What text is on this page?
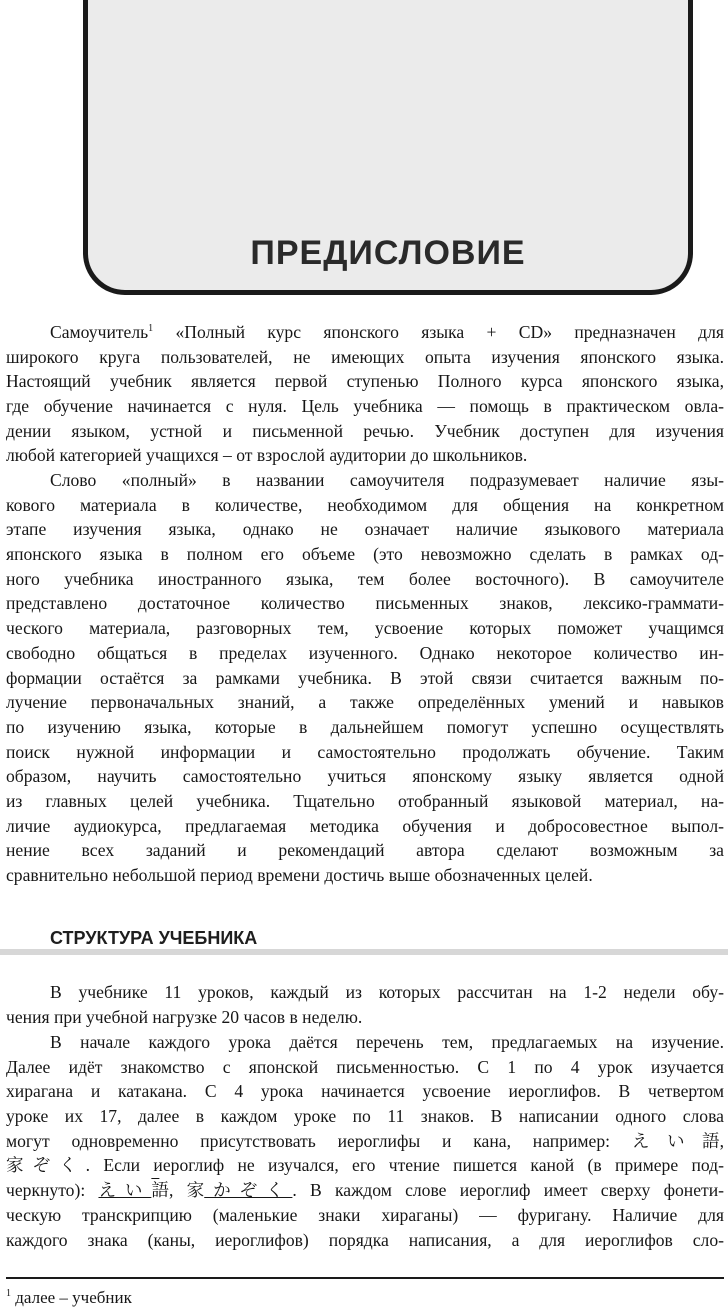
ПРЕДИСЛОВИЕ
Самоучитель$^1$ «Полный курс японского языка + CD» предназначен для
широкого круга пользователей, не имеющих опыта изучения японского языка.
Настоящий учебник является первой ступенью Полного курса японского языка,
где обучение начинается с нуля. Цель учебника — помощь в практическом овла-
дении языком, устной и письменной речью. Учебник доступен для изучения
любой категорией учащихся – от взрослой аудитории до школьников.
Слово «полный» в названии самоучителя подразумевает наличие язы-
кового материала в количестве, необходимом для общения на конкретном
этапе изучения языка, однако не означает наличие языкового материала
японского языка в полном его объеме (это невозможно сделать в рамках од-
ного учебника иностранного языка, тем более восточного). В самоучителе
представлено достаточное количество письменных знаков, лексико-граммати-
ческого материала, разговорных тем, усвоение которых поможет учащимся
свободно общаться в пределах изученного. Однако некоторое количество ин-
формации остаётся за рамками учебника. В этой связи считается важным по-
лучение первоначальных знаний, а также определённых умений и навыков
по изучению языка, которые в дальнейшем помогут успешно осуществлять
поиск нужной информации и самостоятельно продолжать обучение. Таким
образом, научить самостоятельно учиться японскому языку является одной
из главных целей учебника. Тщательно отобранный языковой материал, на-
личие аудиокурса, предлагаемая методика обучения и добросовестное выпол-
нение всех заданий и рекомендаций автора сделают возможным за
сравнительно небольшой период времени достичь выше обозначенных целей.
СТРУКТУРА УЧЕБНИКА
В учебнике 11 уроков, каждый из которых рассчитан на 1-2 недели обу-
чения при учебной нагрузке 20 часов в неделю.
В начале каждого урока даётся перечень тем, предлагаемых на изучение.
Далее идёт знакомство с японской письменностью. С 1 по 4 урок изучается
хирагана и катакана. С 4 урока начинается усвоение иероглифов. В четвертом
уроке их 17, далее в каждом уроке по 11 знаков. В написании одного слова
могут одновременно присутствовать иероглифы и кана, например: えい
語,
家ぞく. Если иероглиф не изучался, его чтение пишется каной (в примере под-
черкнуто): えい
語, 家かぞく. В каждом слове иероглиф имеет сверху фонети-
ческую транскрипцию (маленькие знаки хираганы) — фуригану. Наличие для
каждого знака (каны, иероглифов) порядка написания, а для иероглифов сло-
$^1$ далее – учебник
